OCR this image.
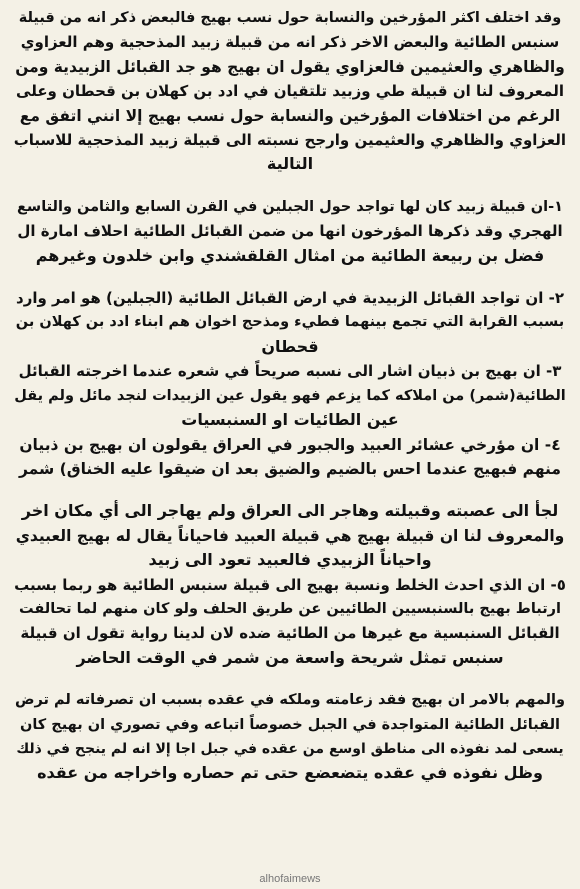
وقد اختلف اكثر المؤرخين والنسابة حول نسب بهيج فالبعض ذكر انه من قبيلة
سنبس الطائية والبعض الاخر ذكر انه من قبيلة زبيد المذحجية وهم العزاوي
والظاهري والعثيمين فالعزاوي يقول ان بهيج هو جد القبائل الزبيدية ومن
المعروف لنا ان قبيلة طي وزبيد تلتقيان في ادد بن كهلان بن قحطان وعلى
الرغم من اختلافات المؤرخين والنسابة حول نسب بهيج إلا انني اتفق مع
العزاوي والظاهري والعثيمين وارجح نسبته الى قبيلة زبيد المذحجية للاسباب
التالية
١-ان قبيلة زبيد كان لها تواجد حول الجبلين في القرن السابع والثامن والتاسع
الهجري وقد ذكرها المؤرخون انها من ضمن القبائل الطائية احلاف امارة ال
فضل بن ربيعة الطائية من امثال القلقشندي وابن خلدون وغيرهم
٢- ان تواجد القبائل الزبيدية في ارض القبائل الطائية (الجبلين) هو امر وارد
بسبب القرابة التي تجمع بينهما فطيء ومذحج اخوان هم ابناء ادد بن كهلان بن
قحطان
٣- ان بهيج بن ذبيان اشار الى نسبه صريحاً في شعره عندما اخرجته القبائل
الطائية(شمر) من املاكه كما يزعم فهو يقول عين الزبيدات لنجد مائل ولم يقل
عين الطائيات او السنبسيات
٤- ان مؤرخي عشائر العبيد والجبور في العراق يقولون ان بهيج بن ذبيان
منهم فبهيج عندما احس بالضيم والضيق بعد ان ضيقوا عليه الخناق) شمر
لجأ الى عصبته وقبيلته وهاجر الى العراق ولم يهاجر الى أي مكان اخر
والمعروف لنا ان قبيلة بهيج هي قبيلة العبيد فاحياناً يقال له بهيج العبيدي
واحياناً الزبيدي فالعبيد تعود الى زبيد
٥- ان الذي احدث الخلط ونسبة بهيج الى قبيلة سنبس الطائية هو ربما بسبب
ارتباط بهيج بالسنبسيين الطائيين عن طريق الحلف ولو كان منهم لما تحالفت
القبائل السنبسية مع غيرها من الطائية ضده لان لدينا رواية تقول ان قبيلة
سنبس تمثل شريحة واسعة من شمر في الوقت الحاضر
والمهم بالامر ان بهيج فقد زعامته وملكه في عقده بسبب ان تصرفاته لم ترض
القبائل الطائية المتواجدة في الجبل خصوصاً اتباعه وفي تصوري ان بهيج كان
يسعى لمد نفوذه الى مناطق اوسع من عقده في جبل اجا إلا انه لم ينجح في ذلك
وظل نفوذه في عقده يتضعضع حتى تم حصاره واخراجه من عقده
alhofaimews
